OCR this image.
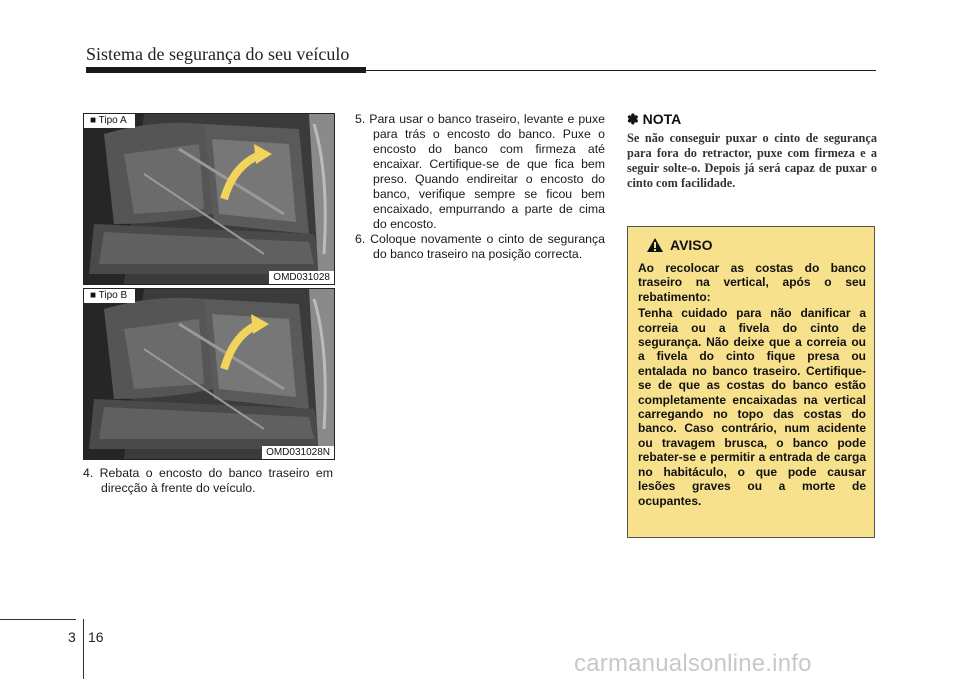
Sistema de segurança do seu veículo
■ Tipo A
OMD031028
■ Tipo B
OMD031028N

4. Rebata o encosto do banco traseiro em direcção à frente do veículo.

5. Para usar o banco traseiro, levante e puxe para trás o encosto do banco. Puxe o encosto do banco com firmeza até encaixar. Certifique-se de que fica bem preso. Quando endireitar o encosto do banco, verifique sempre se ficou bem encaixado, empurrando a parte de cima do encosto.

6. Coloque novamente o cinto de segurança do banco traseiro na posição correcta.

✽ NOTA
Se não conseguir puxar o cinto de segurança para fora do retractor, puxe com firmeza e a seguir solte-o. Depois já será capaz de puxar o cinto com facilidade.
AVISO

Ao recolocar as costas do banco traseiro na vertical, após o seu rebatimento:

Tenha cuidado para não danificar a correia ou a fivela do cinto de segurança. Não deixe que a correia ou a fivela do cinto fique presa ou entalada no banco traseiro. Certifique-se de que as costas do banco estão completamente encaixadas na vertical carregando no topo das costas do banco. Caso contrário, num acidente ou travagem brusca, o banco pode rebater-se e permitir a entrada de carga no habitáculo, o que pode causar lesões graves ou a morte de ocupantes.

3 16
carmanualsonline.info
